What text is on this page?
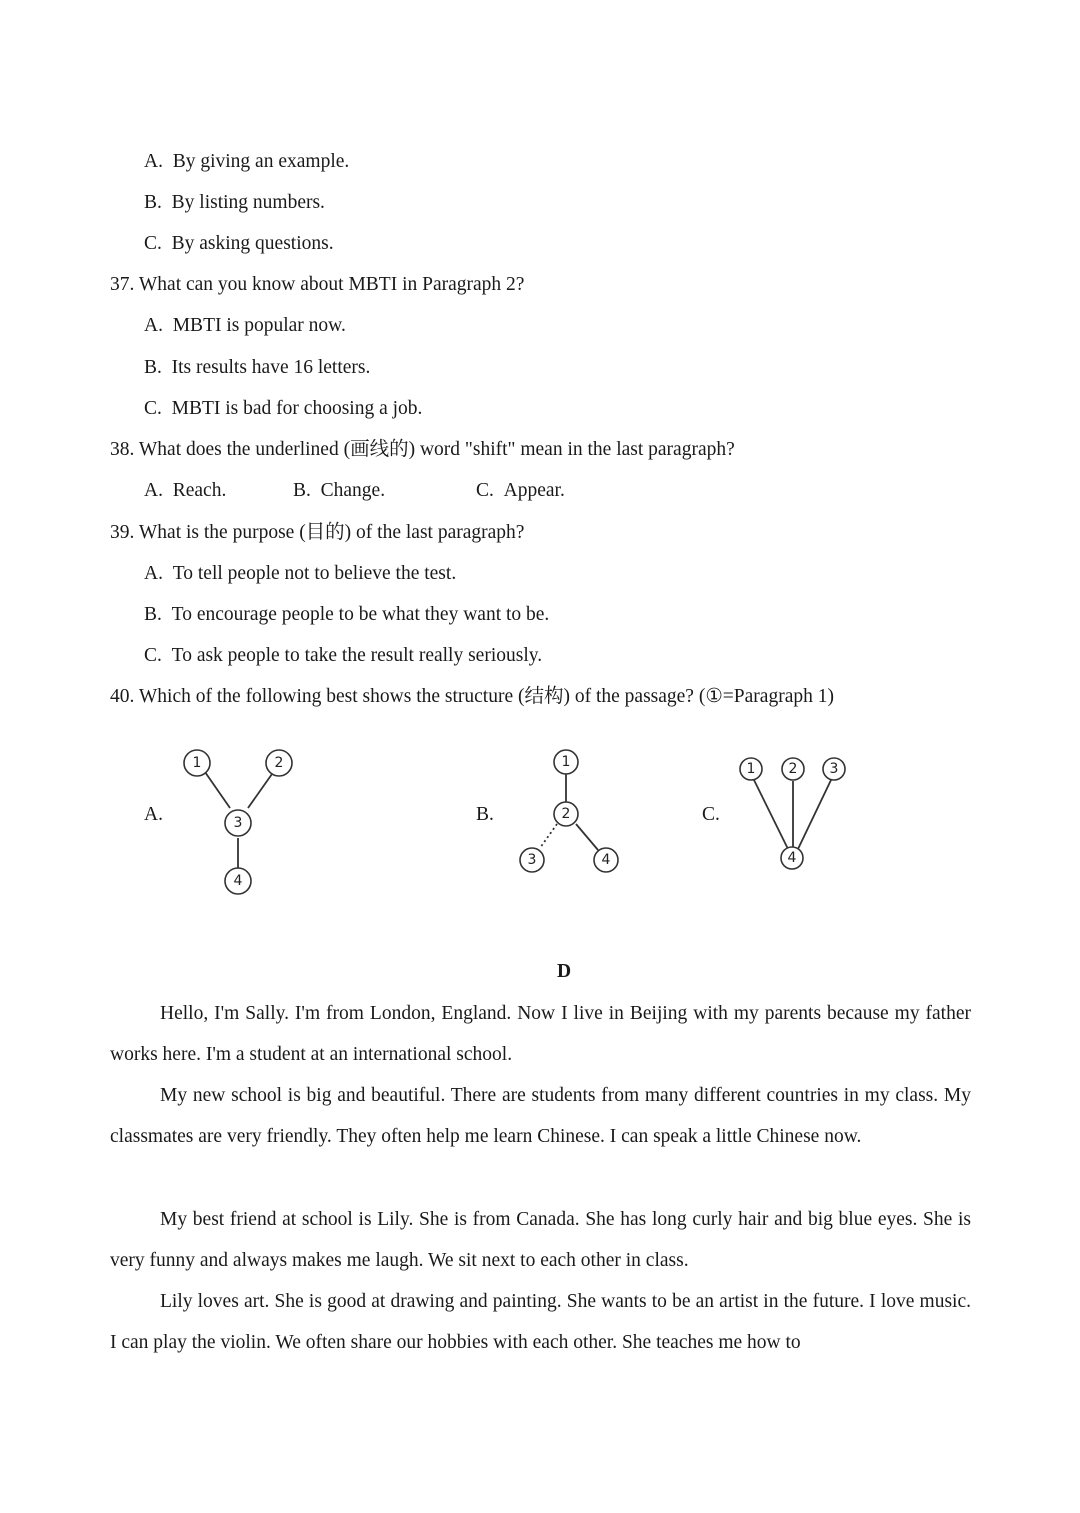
A. By giving an example.
B. By listing numbers.
C. By asking questions.
37. What can you know about MBTI in Paragraph 2?
A. MBTI is popular now.
B. Its results have 16 letters.
C. MBTI is bad for choosing a job.
38. What does the underlined (画线的) word "shift" mean in the last paragraph?
A. Reach.	B. Change.	C. Appear.
39. What is the purpose (目的) of the last paragraph?
A. To tell people not to believe the test.
B. To encourage people to be what they want to be.
C. To ask people to take the result really seriously.
40. Which of the following best shows the structure (结构) of the passage? (①=Paragraph 1)
A.
1	2
3
4
B.
1
2
3	4
C.
1 2 3
4
D
Hello, I'm Sally. I'm from London, England. Now I live in Beijing with my parents because my father works here. I'm a student at an international school.
My new school is big and beautiful. There are students from many different countries in my class. My classmates are very friendly. They often help me learn Chinese. I can speak a little Chinese now.
My best friend at school is Lily. She is from Canada. She has long curly hair and big blue eyes. She is very funny and always makes me laugh. We sit next to each other in class.
Lily loves art. She is good at drawing and painting. She wants to be an artist in the future. I love music. I can play the violin. We often share our hobbies with each other. She teaches me how to
